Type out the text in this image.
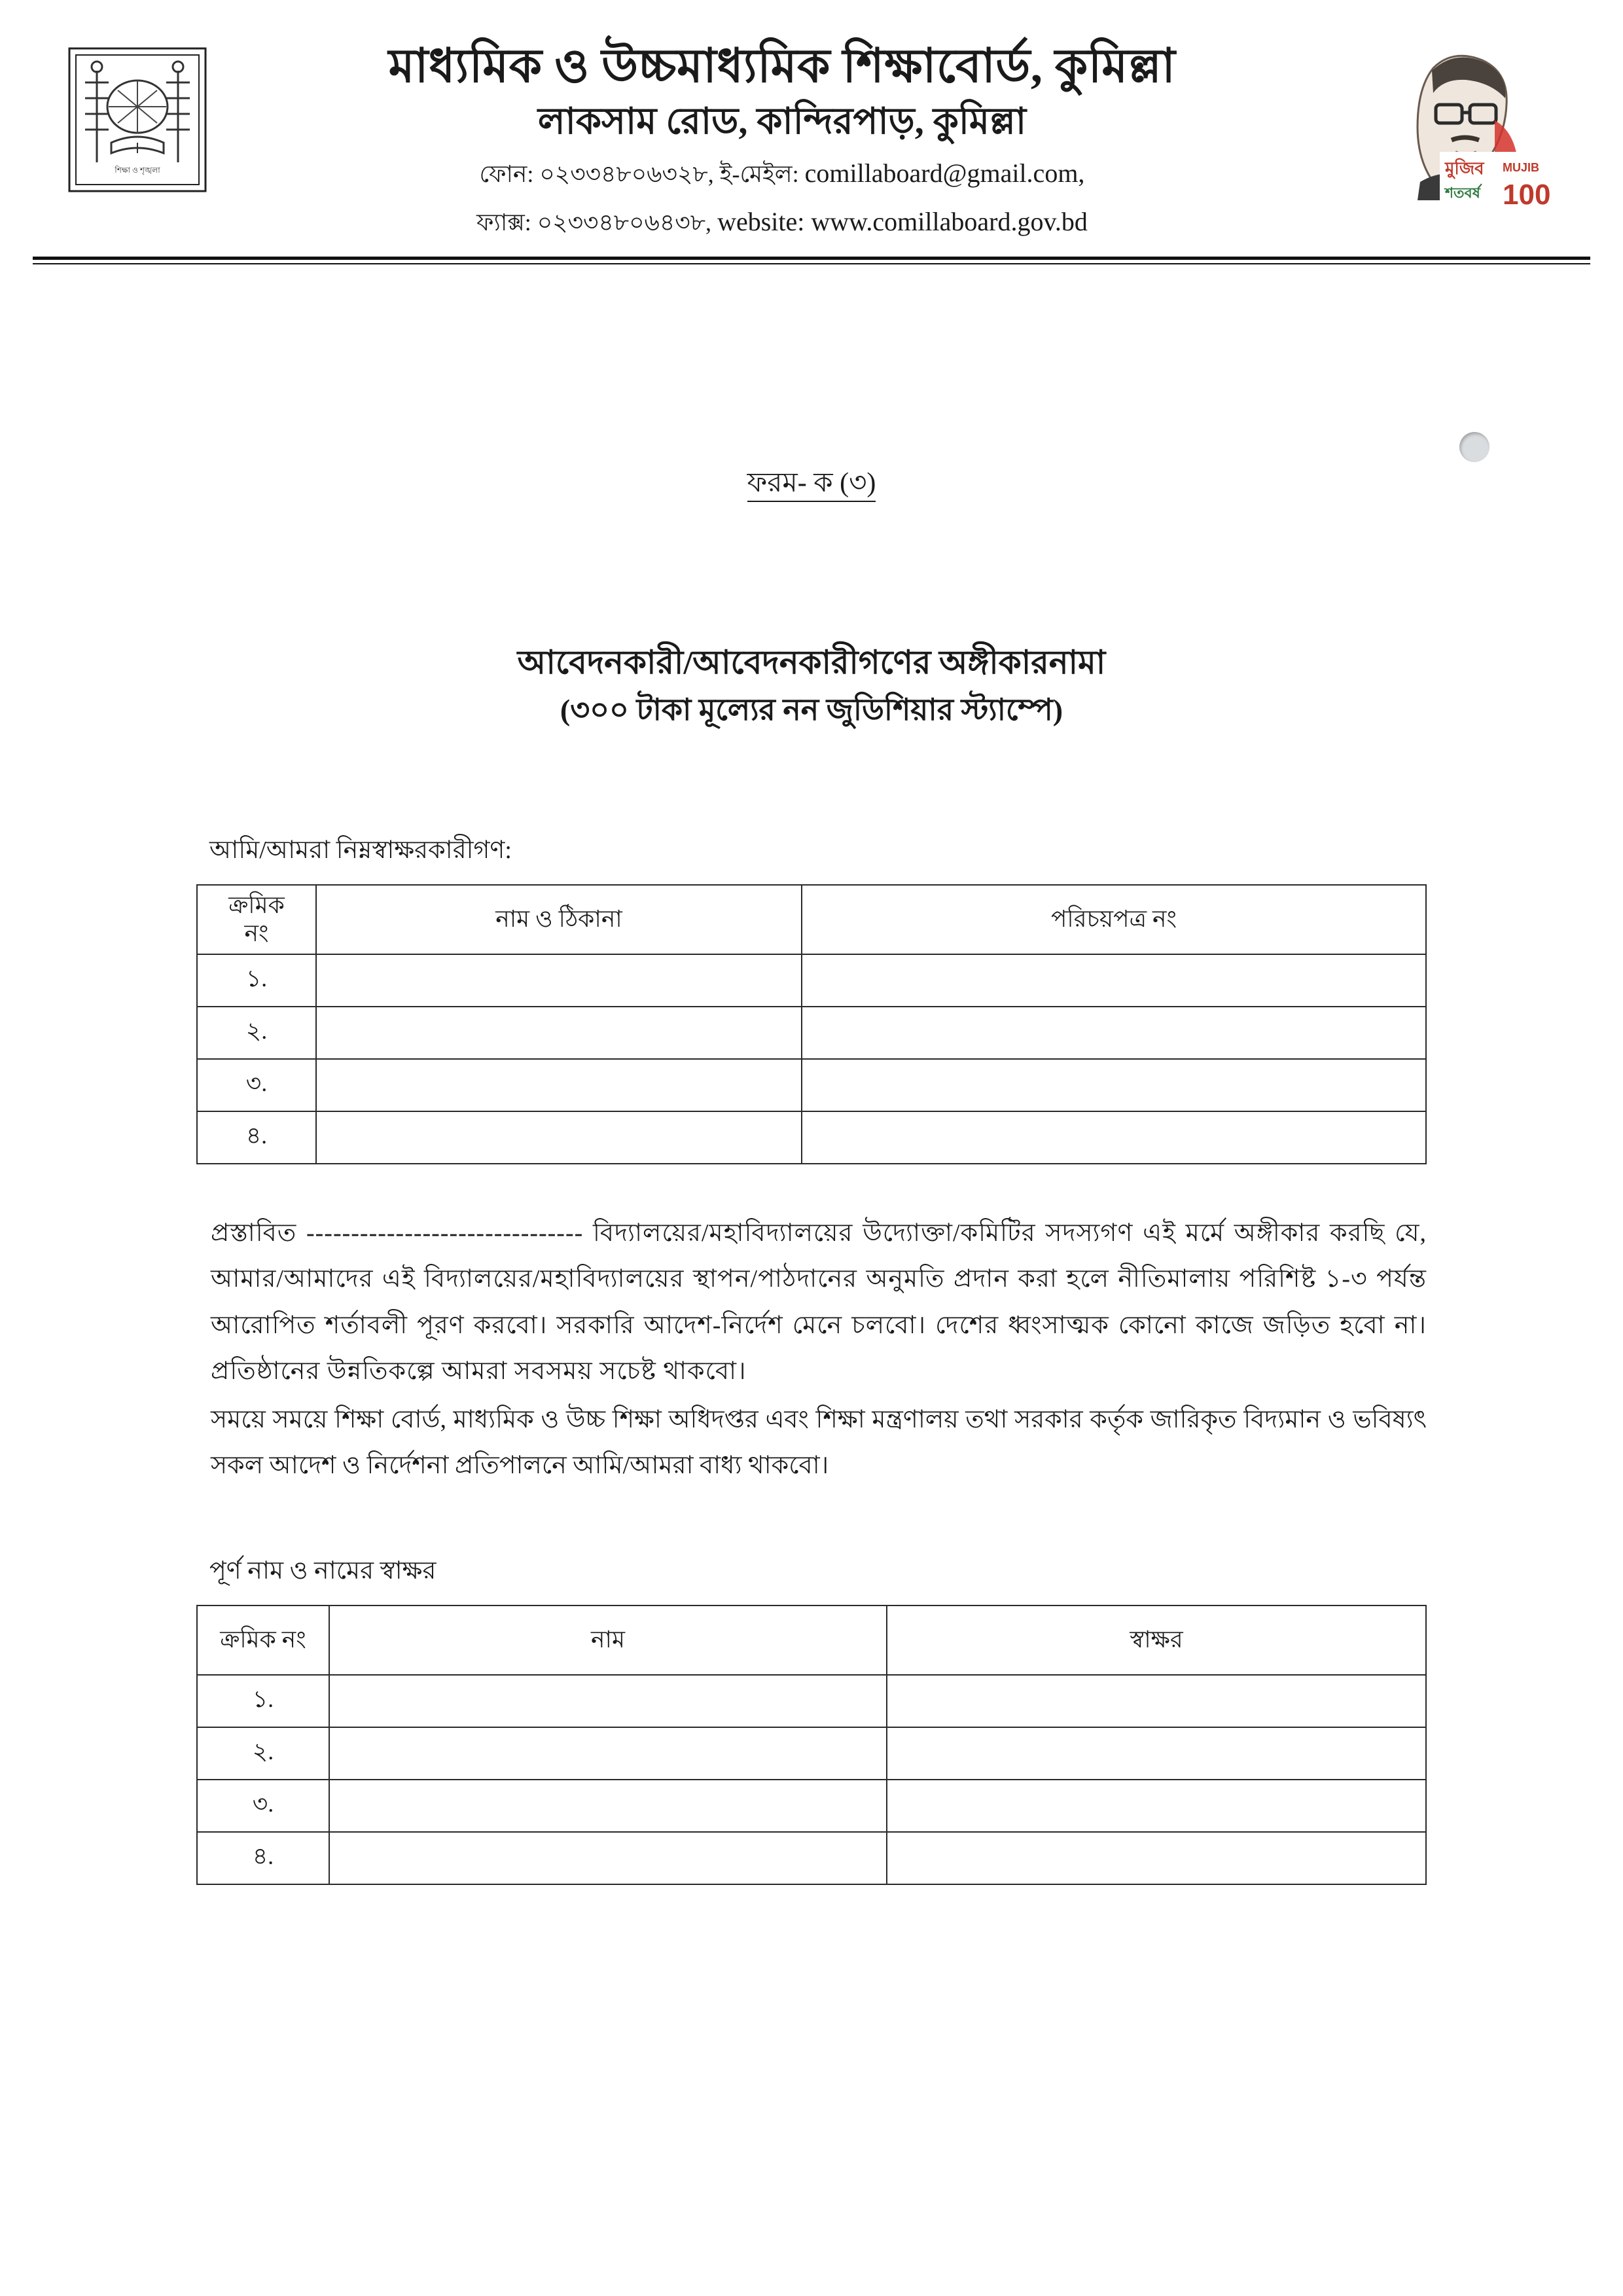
শিক্ষা ও শৃঙ্খলা
মাধ্যমিক ও উচ্চমাধ্যমিক শিক্ষাবোর্ড, কুমিল্লা
লাকসাম রোড, কান্দিরপাড়, কুমিল্লা
ফোন: ০২৩৩৪৮০৬৩২৮, ই-মেইল: comillaboard@gmail.com,
ফ্যাক্স: ০২৩৩৪৮০৬৪৩৮, website: www.comillaboard.gov.bd
মুজিব
শতবর্ষ
MUJIB
100
ফরম- ক (৩)
আবেদনকারী/আবেদনকারীগণের অঙ্গীকারনামা
(৩০০ টাকা মূল্যের নন জুডিশিয়ার স্ট্যাম্পে)
আমি/আমরা নিম্নস্বাক্ষরকারীগণ:
ক্রমিক
নং	নাম ও ঠিকানা	পরিচয়পত্র নং
১.		
২.		
৩.		
৪.		

প্রস্তাবিত ------------------------------- বিদ্যালয়ের/মহাবিদ্যালয়ের উদ্যোক্তা/কমিটির সদস্যগণ এই মর্মে অঙ্গীকার করছি যে, আমার/আমাদের এই বিদ্যালয়ের/মহাবিদ্যালয়ের স্থাপন/পাঠদানের অনুমতি প্রদান করা হলে নীতিমালায় পরিশিষ্ট ১-৩ পর্যন্ত আরোপিত শর্তাবলী পূরণ করবো। সরকারি আদেশ-নির্দেশ মেনে চলবো। দেশের ধ্বংসাত্মক কোনো কাজে জড়িত হবো না। প্রতিষ্ঠানের উন্নতিকল্পে আমরা সবসময় সচেষ্ট থাকবো।

সময়ে সময়ে শিক্ষা বোর্ড, মাধ্যমিক ও উচ্চ শিক্ষা অধিদপ্তর এবং শিক্ষা মন্ত্রণালয় তথা সরকার কর্তৃক জারিকৃত বিদ্যমান ও ভবিষ্যৎ সকল আদেশ ও নির্দেশনা প্রতিপালনে আমি/আমরা বাধ্য থাকবো।

পূর্ণ নাম ও নামের স্বাক্ষর
ক্রমিক নং	নাম	স্বাক্ষর
১.		
২.		
৩.		
৪.		
